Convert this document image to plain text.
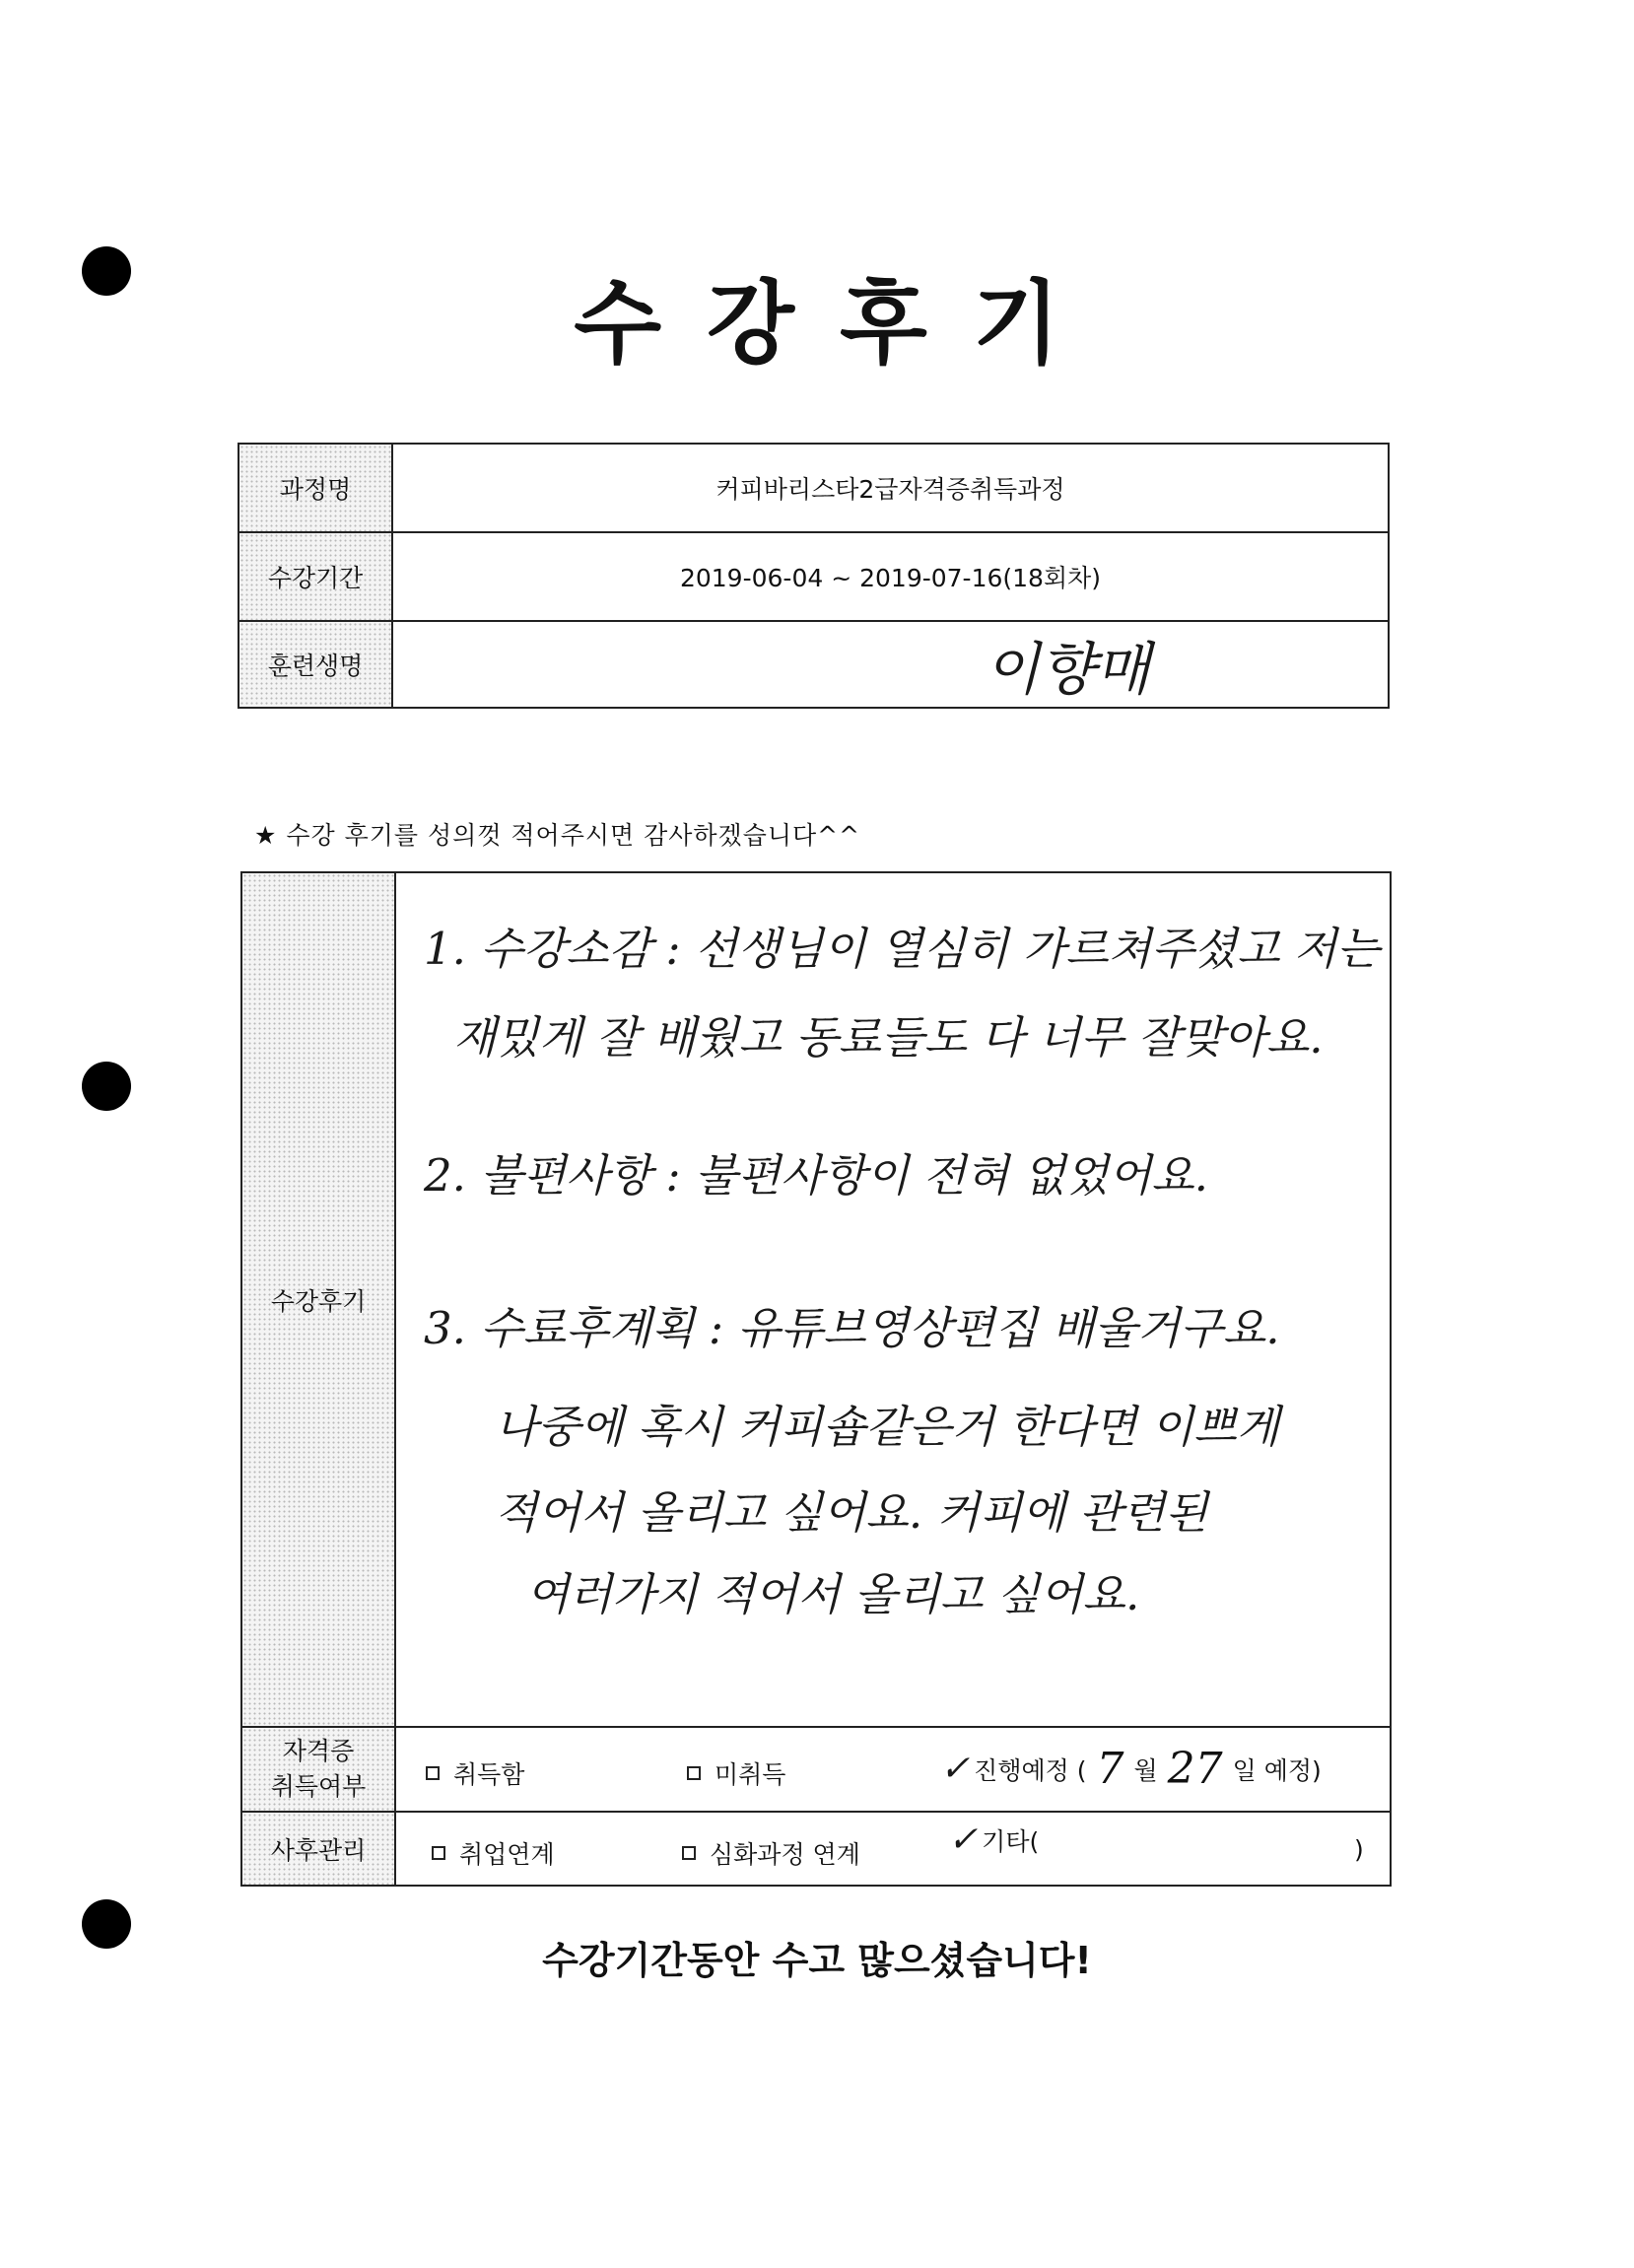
수강후기
과정명	커피바리스타2급자격증취득과정
수강기간	2019-06-04 ~ 2019-07-16(18회차)
훈련생명	이향매
★ 수강 후기를 성의껏 적어주시면 감사하겠습니다^^
수강후기
1. 수강소감 : 선생님이 열심히 가르쳐주셨고 저는
재밌게 잘 배웠고 동료들도 다 너무 잘맞아요.
2. 불편사항 : 불편사항이 전혀 없었어요.
3. 수료후계획 : 유튜브영상편집 배울거구요.
나중에 혹시 커피숍같은거 한다면 이쁘게
적어서 올리고 싶어요. 커피에 관련된
여러가지 적어서 올리고 싶어요.
자격증
취득여부	취득함	미취득	✓ 진행예정 ( 7 월 27 일 예정)
사후관리	취업연계	심화과정 연계 ✓ 기타(	)
수강기간동안 수고 많으셨습니다!
